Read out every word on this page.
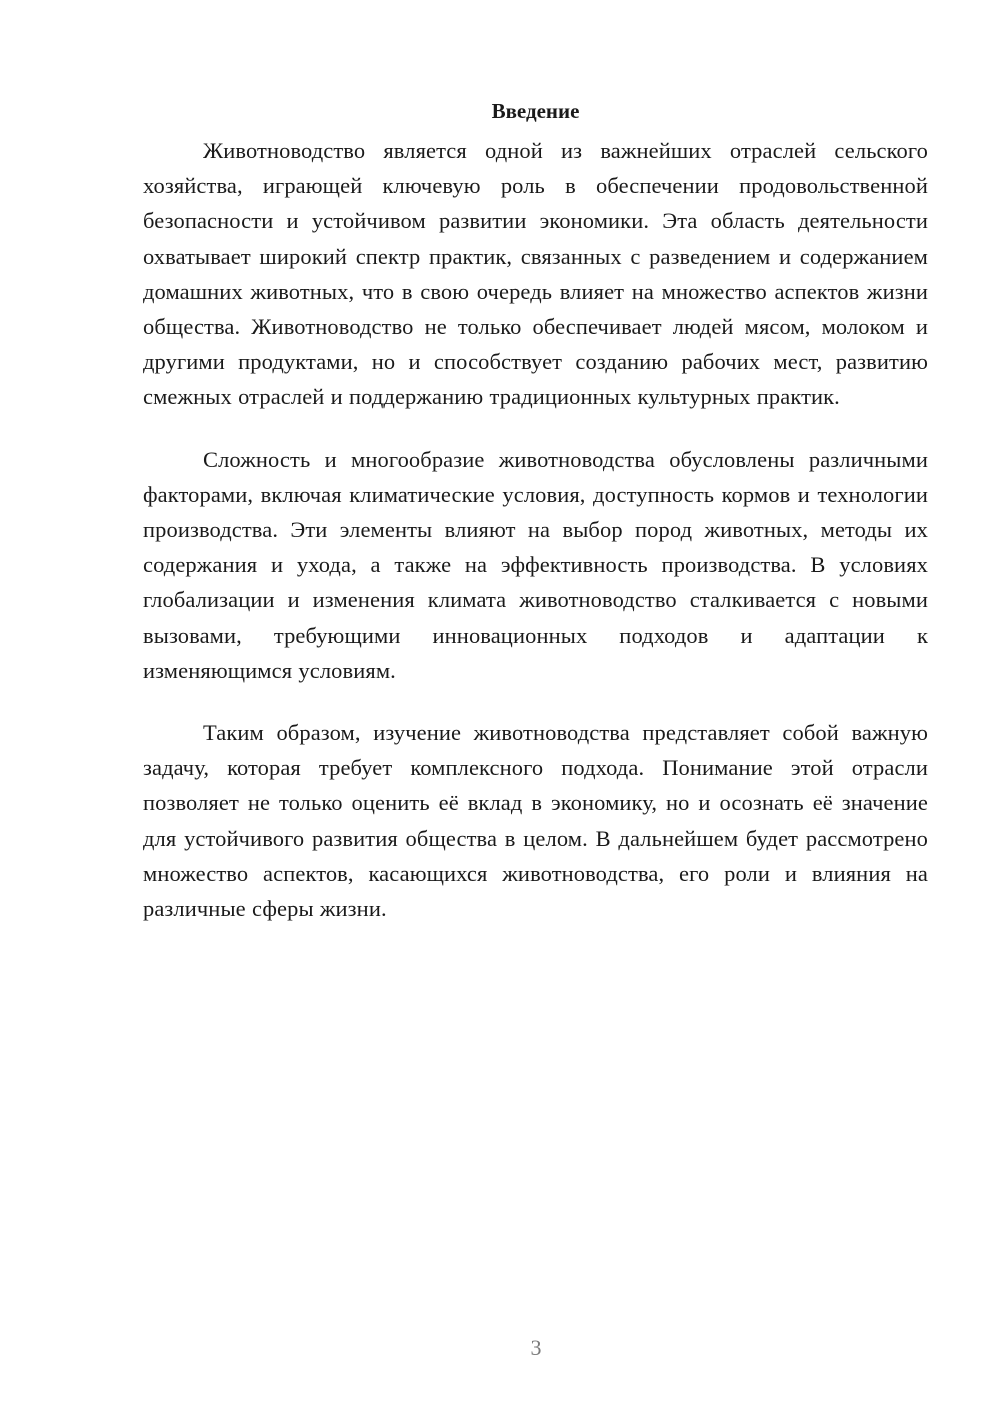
Введение

Животноводство является одной из важнейших отраслей сельского хозяйства, играющей ключевую роль в обеспечении продовольственной безопасности и устойчивом развитии экономики. Эта область деятельности охватывает широкий спектр практик, связанных с разведением и содержанием домашних животных, что в свою очередь влияет на множество аспектов жизни общества. Животноводство не только обеспечивает людей мясом, молоком и другими продуктами, но и способствует созданию рабочих мест, развитию смежных отраслей и поддержанию традиционных культурных практик.

Сложность и многообразие животноводства обусловлены различными факторами, включая климатические условия, доступность кормов и технологии производства. Эти элементы влияют на выбор пород животных, методы их содержания и ухода, а также на эффективность производства. В условиях глобализации и изменения климата животноводство сталкивается с новыми вызовами, требующими инновационных подходов и адаптации к изменяющимся условиям.

Таким образом, изучение животноводства представляет собой важную задачу, которая требует комплексного подхода. Понимание этой отрасли позволяет не только оценить её вклад в экономику, но и осознать её значение для устойчивого развития общества в целом. В дальнейшем будет рассмотрено множество аспектов, касающихся животноводства, его роли и влияния на различные сферы жизни.

3
